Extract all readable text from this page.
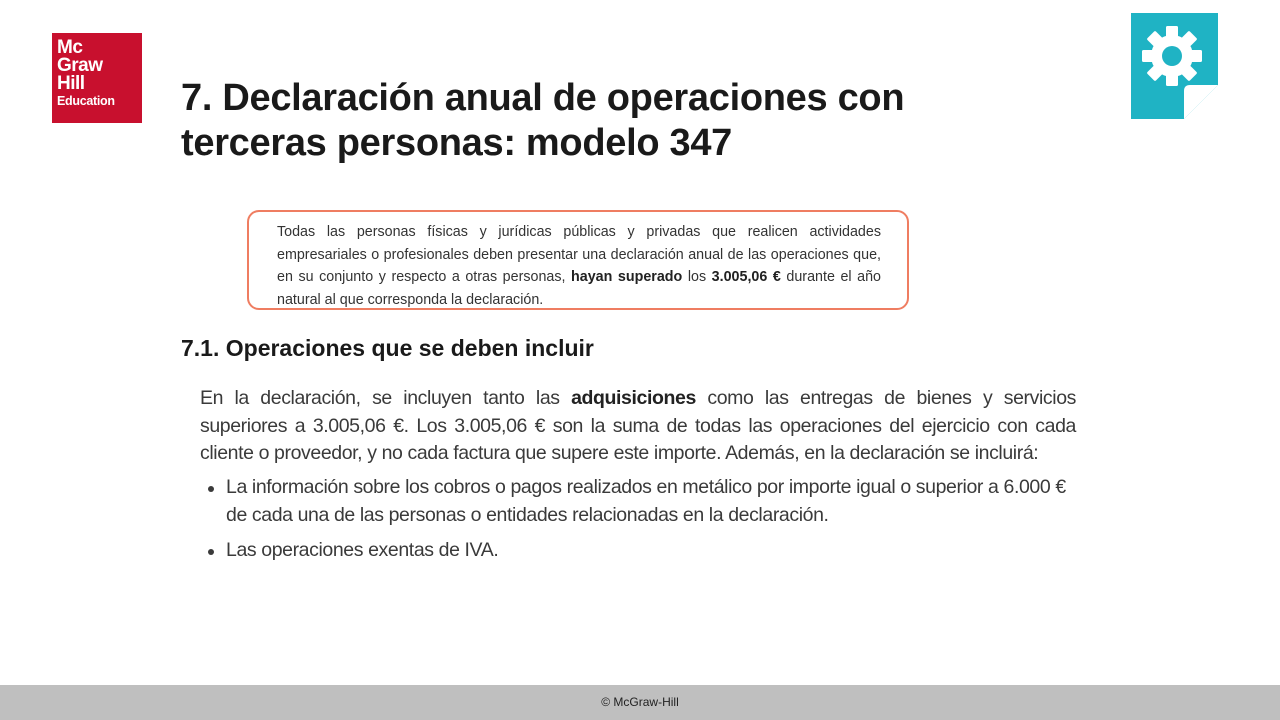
Mc
Graw
Hill
Education	7. Declaración anual de operaciones con
terceras personas: modelo 347
Todas las personas físicas y jurídicas públicas y privadas que realicen actividades empresariales o profesionales deben presentar una declaración anual de las operaciones que, en su conjunto y respecto a otras personas, hayan superado los 3.005,06 € durante el año natural al que corresponda la declaración.
7.1. Operaciones que se deben incluir

En la declaración, se incluyen tanto las adquisiciones como las entregas de bienes y servicios superiores a 3.005,06 €. Los 3.005,06 € son la suma de todas las operaciones del ejercicio con cada cliente o proveedor, y no cada factura que supere este importe. Además, en la declaración se incluirá:

La información sobre los cobros o pagos realizados en metálico por importe igual o superior a 6.000 € de cada una de las personas o entidades relacionadas en la declaración.
Las operaciones exentas de IVA.
© McGraw-Hill
